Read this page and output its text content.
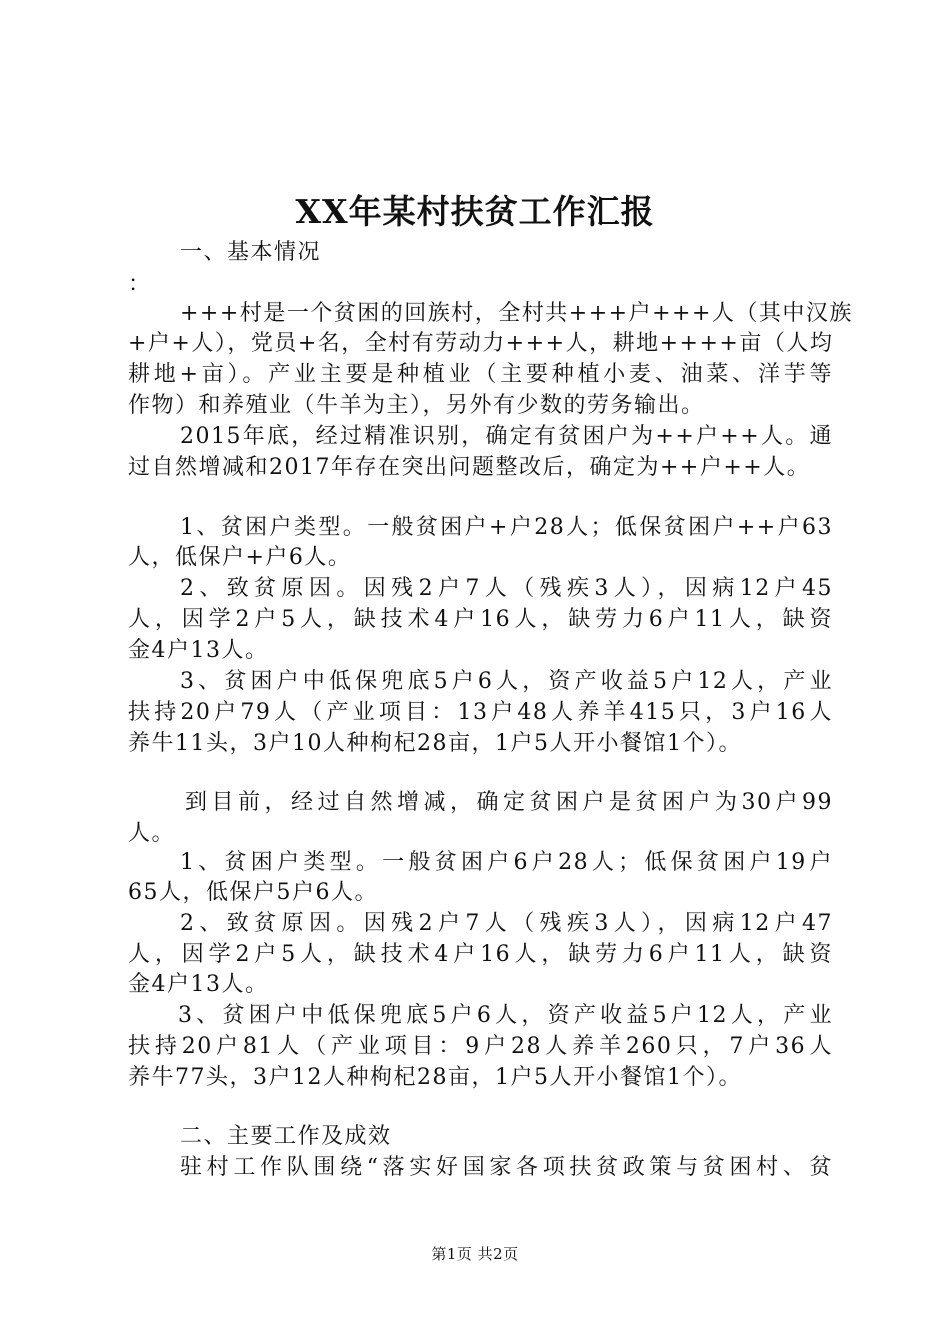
XX年某村扶贫工作汇报
一、基本情况
：
+++村是一个贫困的回族村，全村共+++户+++人（其中汉族
+户+人），党员+名，全村有劳动力+++人，耕地++++亩（人均
耕地+亩）。产业主要是种植业（主要种植小麦、油菜、洋芋等
作物）和养殖业（牛羊为主），另外有少数的劳务输出。
2015年底，经过精准识别，确定有贫困户为++户++人。通
过自然增减和2017年存在突出问题整改后，确定为++户++人。
1、贫困户类型。一般贫困户+户28人；低保贫困户++户63
人，低保户+户6人。
2、致贫原因。因残2户7人（残疾3人），因病12户45
人，因学2户5人，缺技术4户16人，缺劳力6户11人，缺资
金4户13人。
3、贫困户中低保兜底5户6人，资产收益5户12人，产业
扶持20户79人（产业项目：13户48人养羊415只，3户16人
养牛11头，3户10人种枸杞28亩，1户5人开小餐馆1个）。
到目前，经过自然增减，确定贫困户是贫困户为30户99
人。
1、贫困户类型。一般贫困户6户28人；低保贫困户19户
65人，低保户5户6人。
2、致贫原因。因残2户7人（残疾3人），因病12户47
人，因学2户5人，缺技术4户16人，缺劳力6户11人，缺资
金4户13人。
3、贫困户中低保兜底5户6人，资产收益5户12人，产业
扶持20户81人（产业项目：9户28人养羊260只，7户36人
养牛77头，3户12人种枸杞28亩，1户5人开小餐馆1个）。
二、主要工作及成效
驻村工作队围绕“落实好国家各项扶贫政策与贫困村、贫
第1页 共2页
